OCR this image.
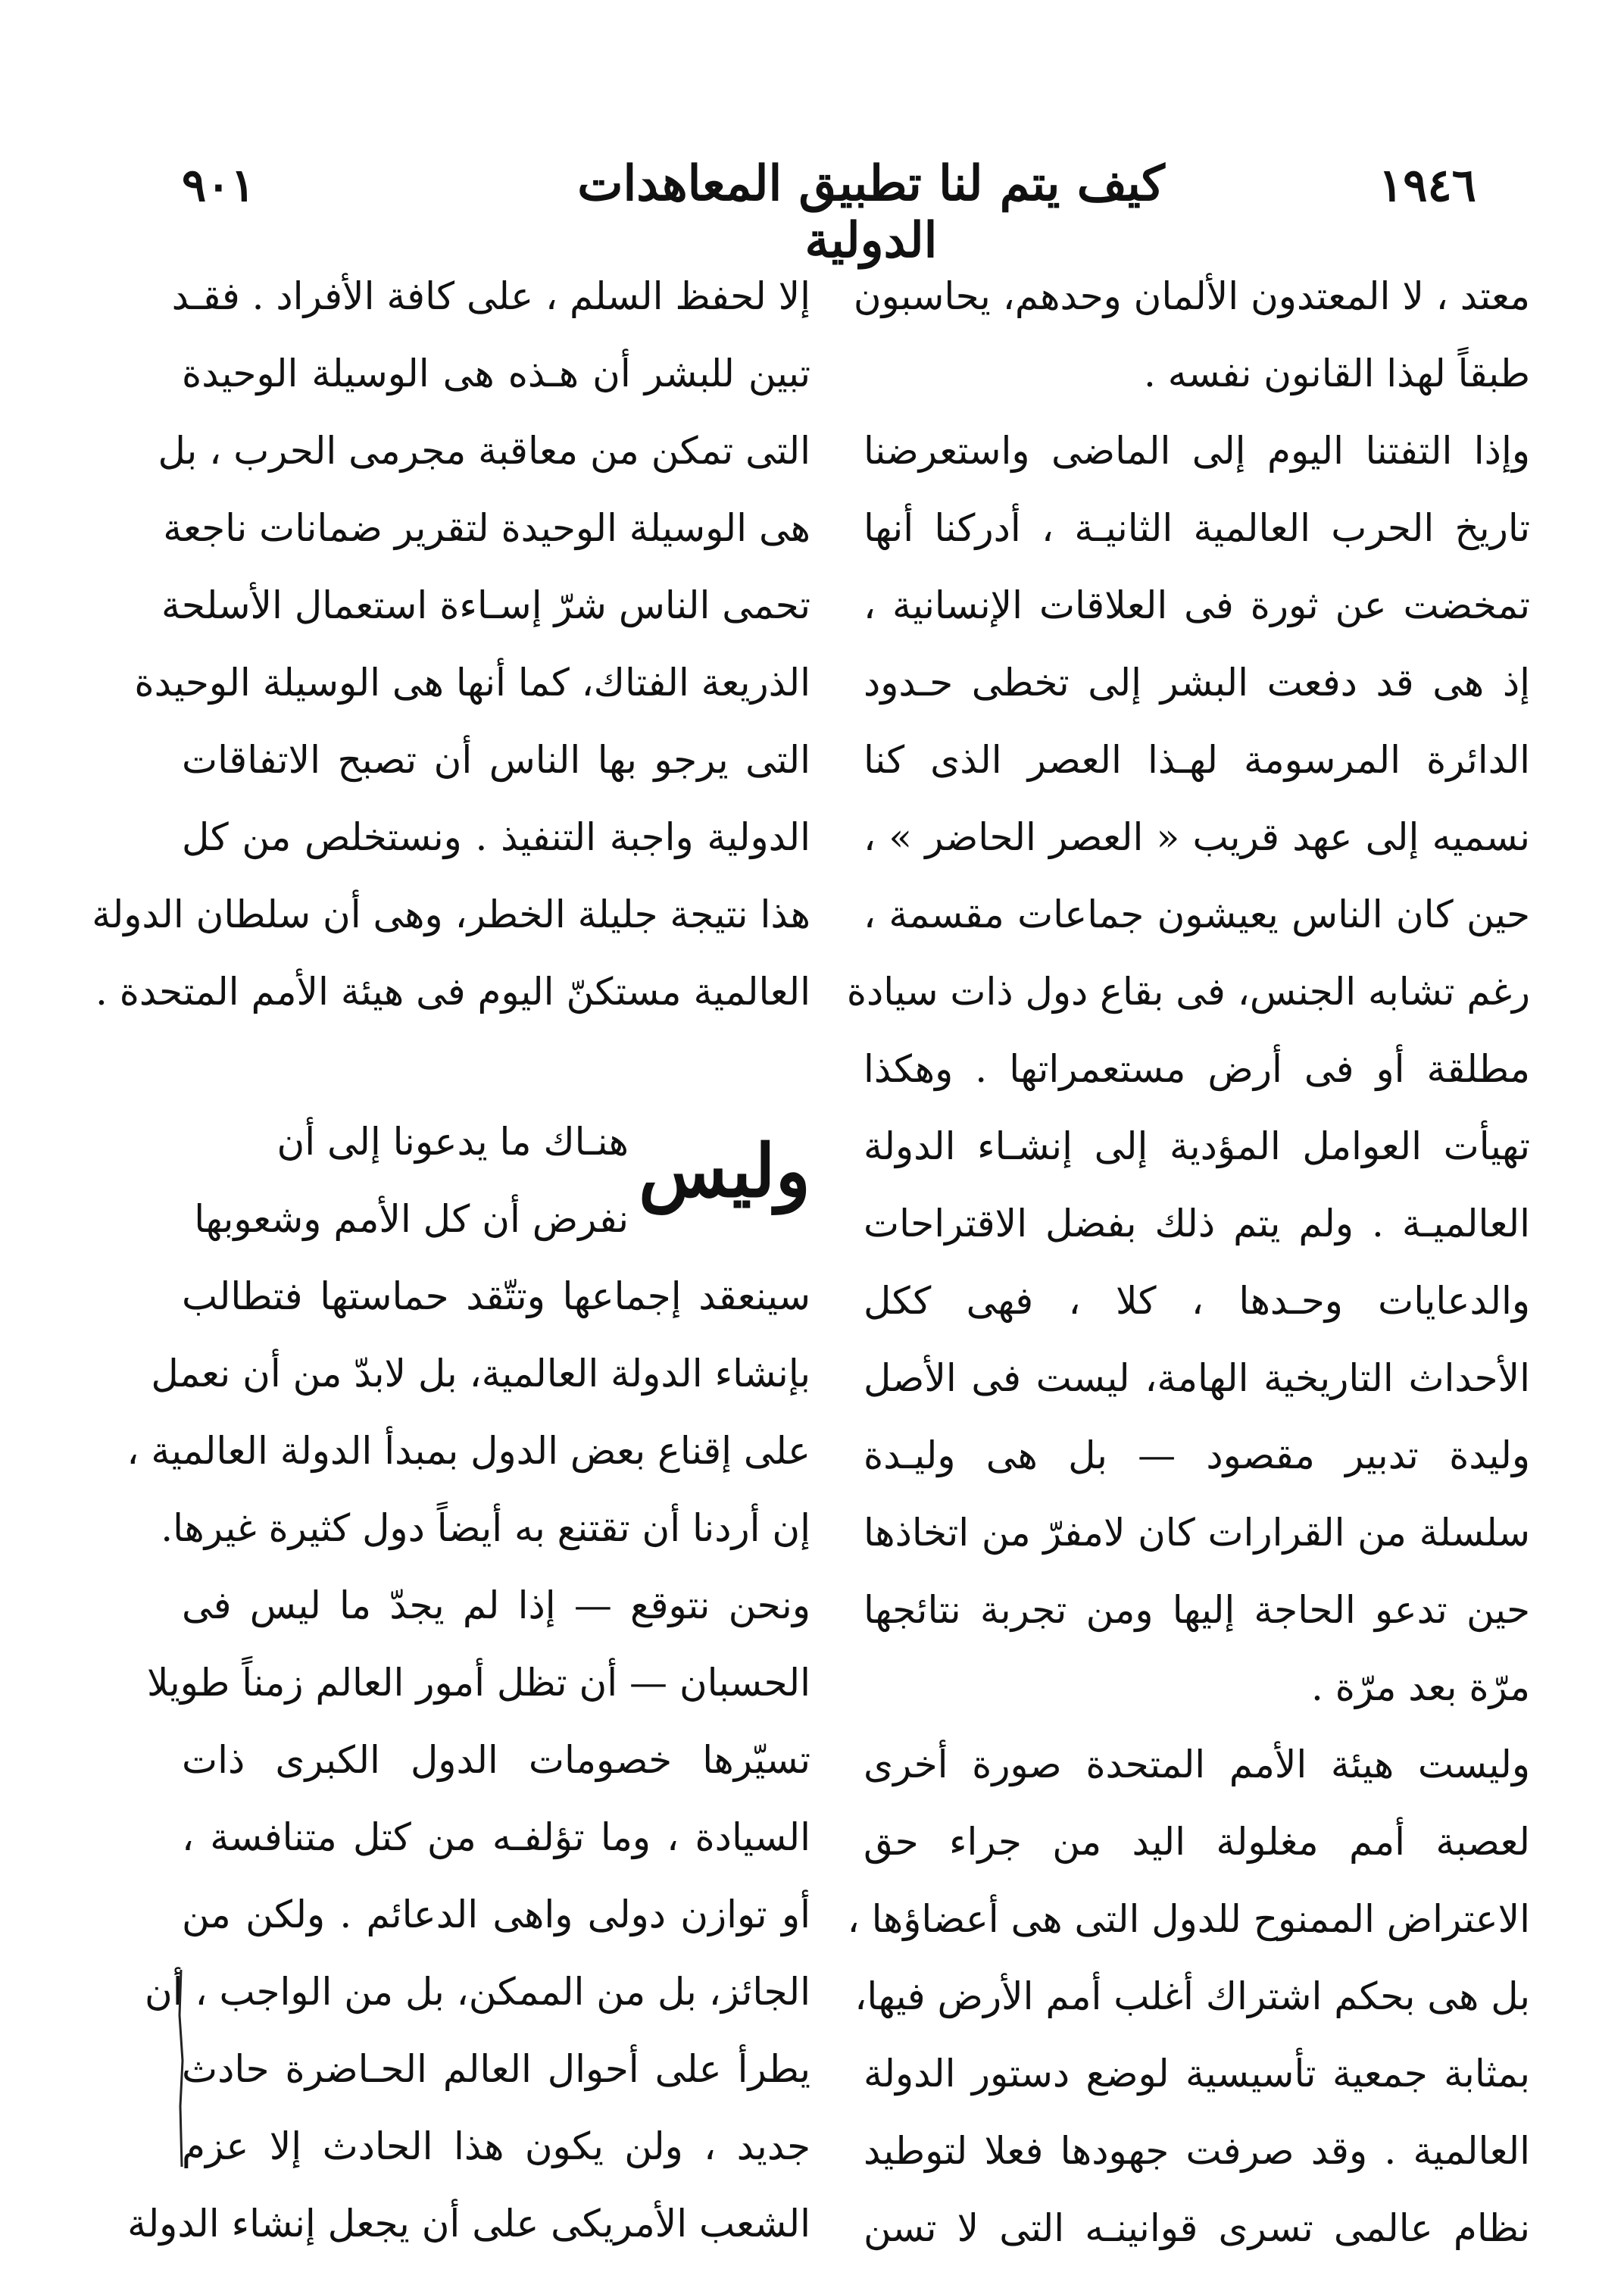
١٩٤٦
كيف يتم لنا تطبيق المعاهدات الدولية
٩٠١
معتد ، لا المعتدون الألمان وحدهم، يحاسبون
طبقاً لهذا القانون نفسه .
وإذا التفتنا اليوم إلى الماضى واستعرضنا
تاريخ الحرب العالمية الثانيـة ، أدركنا أنها
تمخضت عن ثورة فى العلاقات الإنسانية ،
إذ هى قد دفعت البشر إلى تخطى حـدود
الدائرة المرسومة لهـذا العصر الذى كنا
نسميه إلى عهد قريب « العصر الحاضر » ،
حين كان الناس يعيشون جماعات مقسمة ،
رغم تشابه الجنس، فى بقاع دول ذات سيادة
مطلقة أو فى أرض مستعمراتها . وهكذا
تهيأت العوامل المؤدية إلى إنشـاء الدولة
العالميـة . ولم يتم ذلك بفضل الاقتراحات
والدعايات وحـدها ، كلا ، فهى ككل
الأحداث التاريخية الهامة، ليست فى الأصل
وليدة تدبير مقصود — بل هى وليـدة
سلسلة من القرارات كان لامفرّ من اتخاذها
حين تدعو الحاجة إليها ومن تجربة نتائجها
مرّة بعد مرّة .
وليست هيئة الأمم المتحدة صورة أخرى
لعصبة أمم مغلولة اليد من جراء حق
الاعتراض الممنوح للدول التى هى أعضاؤها ،
بل هى بحكم اشتراك أغلب أمم الأرض فيها،
بمثابة جمعية تأسيسية لوضع دستور الدولة
العالمية . وقد صرفت جهودها فعلا لتوطيد
نظام عالمى تسرى قوانينـه التى لا تسن
إلا لحفظ السلم ، على كافة الأفراد . فقـد
تبين للبشر أن هـذه هى الوسيلة الوحيدة
التى تمكن من معاقبة مجرمى الحرب ، بل
هى الوسيلة الوحيدة لتقرير ضمانات ناجعة
تحمى الناس شرّ إسـاءة استعمال الأسلحة
الذريعة الفتاك، كما أنها هى الوسيلة الوحيدة
التى يرجو بها الناس أن تصبح الاتفاقات
الدولية واجبة التنفيذ . ونستخلص من كل
هذا نتيجة جليلة الخطر، وهى أن سلطان الدولة
العالمية مستكنّ اليوم فى هيئة الأمم المتحدة .
وليس
هنـاك ما يدعونا إلى أن
نفرض أن كل الأمم وشعوبها
سينعقد إجماعها وتتّقد حماستها فتطالب
بإنشاء الدولة العالمية، بل لابدّ من أن نعمل
على إقناع بعض الدول بمبدأ الدولة العالمية ،
إن أردنا أن تقتنع به أيضاً دول كثيرة غيرها.
ونحن نتوقع — إذا لم يجدّ ما ليس فى
الحسبان — أن تظل أمور العالم زمناً طويلا
تسيّرها خصومات الدول الكبرى ذات
السيادة ، وما تؤلفـه من كتل متنافسة ،
أو توازن دولى واهى الدعائم . ولكن من
الجائز، بل من الممكن، بل من الواجب ، أن
يطرأ على أحوال العالم الحـاضرة حادث
جديد ، ولن يكون هذا الحادث إلا عزم
الشعب الأمريكى على أن يجعل إنشاء الدولة
